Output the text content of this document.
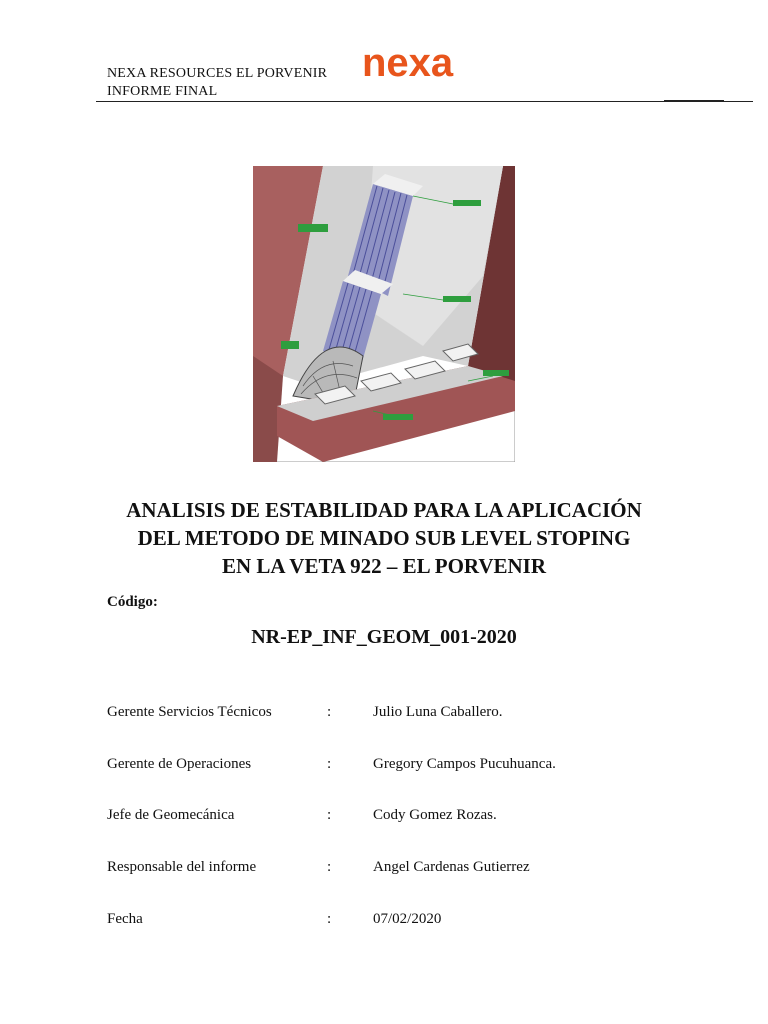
NEXA RESOURCES EL PORVENIR
INFORME FINAL
nexa
ANALISIS DE ESTABILIDAD PARA LA APLICACIÓN
DEL METODO DE MINADO SUB LEVEL STOPING
EN LA VETA 922 – EL PORVENIR
Código:
NR-EP_INF_GEOM_001-2020
Gerente Servicios Técnicos	:	Julio Luna Caballero.
Gerente de Operaciones	:	Gregory Campos Pucuhuanca.
Jefe de Geomecánica	:	Cody Gomez Rozas.
Responsable del informe	:	Angel Cardenas Gutierrez
Fecha	:	07/02/2020
